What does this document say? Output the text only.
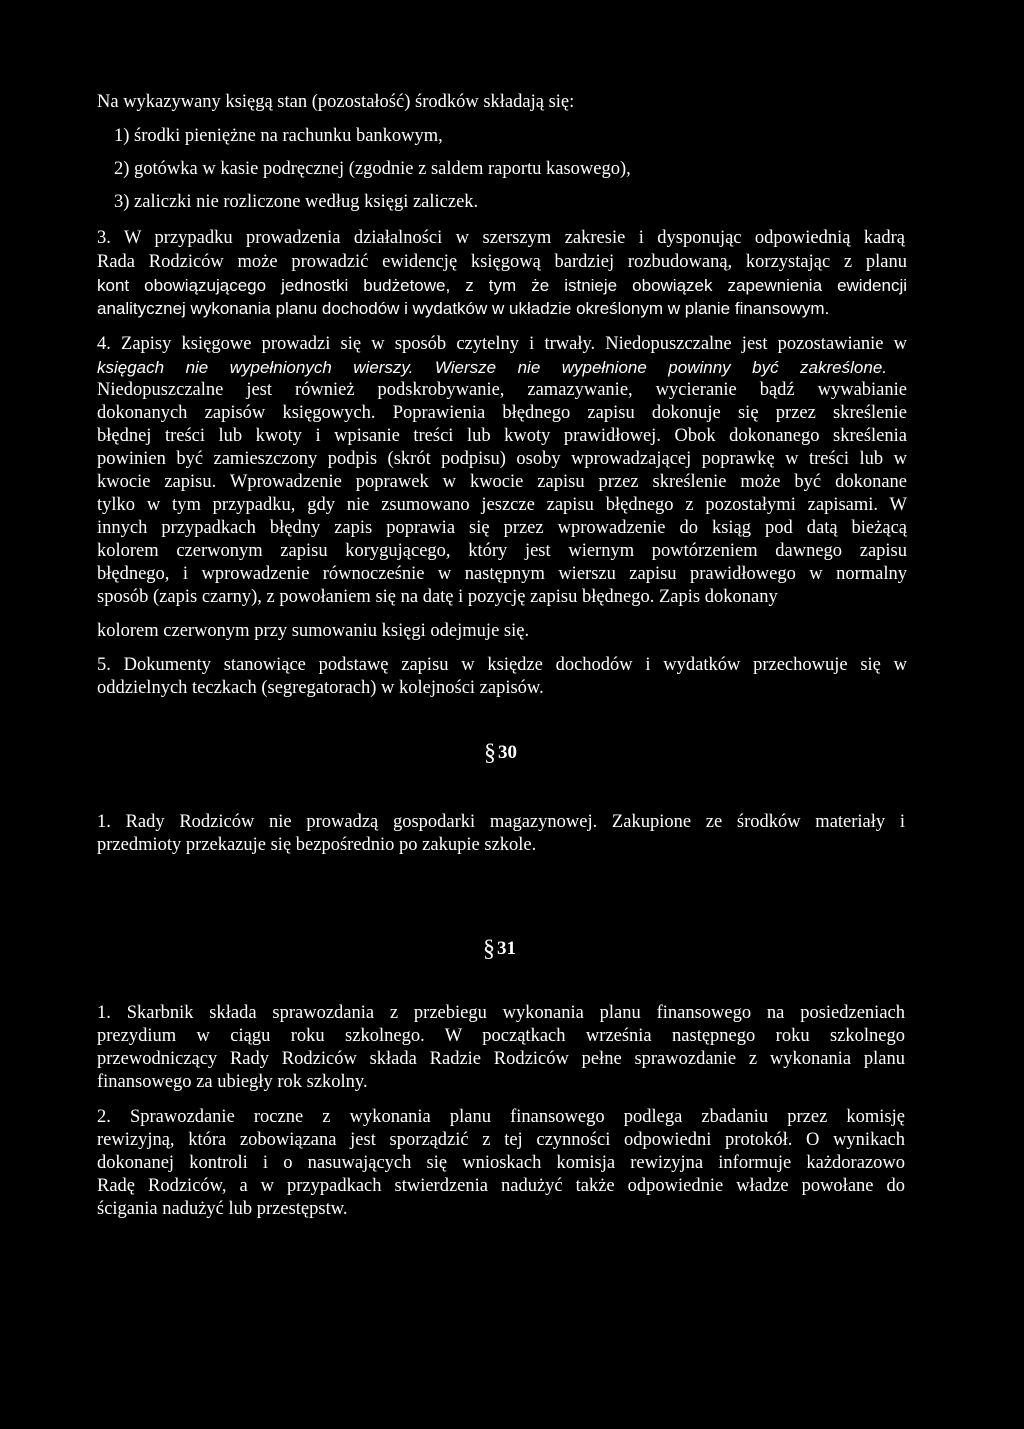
Na wykazywany księgą stan (pozostałość) środków składają się:
1) środki pieniężne na rachunku bankowym,
2) gotówka w kasie podręcznej (zgodnie z saldem raportu kasowego),
3) zaliczki nie rozliczone według księgi zaliczek.
3. W przypadku prowadzenia działalności w szerszym zakresie i dysponując odpowiednią kadrą
Rada Rodziców może prowadzić ewidencję księgową bardziej rozbudowaną, korzystając z planu
kont obowiązującego jednostki budżetowe, z tym że istnieje obowiązek zapewnienia ewidencji
analitycznej wykonania planu dochodów i wydatków w układzie określonym w planie finansowym.
4. Zapisy księgowe prowadzi się w sposób czytelny i trwały. Niedopuszczalne jest pozostawianie w
księgach nie wypełnionych wierszy. Wiersze nie wypełnione powinny być zakreślone.
Niedopuszczalne jest również podskrobywanie, zamazywanie, wycieranie bądź wywabianie
dokonanych zapisów księgowych. Poprawienia błędnego zapisu dokonuje się przez skreślenie
błędnej treści lub kwoty i wpisanie treści lub kwoty prawidłowej. Obok dokonanego skreślenia
powinien być zamieszczony podpis (skrót podpisu) osoby wprowadzającej poprawkę w treści lub w
kwocie zapisu. Wprowadzenie poprawek w kwocie zapisu przez skreślenie może być dokonane
tylko w tym przypadku, gdy nie zsumowano jeszcze zapisu błędnego z pozostałymi zapisami. W
innych przypadkach błędny zapis poprawia się przez wprowadzenie do ksiąg pod datą bieżącą
kolorem czerwonym zapisu korygującego, który jest wiernym powtórzeniem dawnego zapisu
błędnego, i wprowadzenie równocześnie w następnym wierszu zapisu prawidłowego w normalny
sposób (zapis czarny), z powołaniem się na datę i pozycję zapisu błędnego. Zapis dokonany
kolorem czerwonym przy sumowaniu księgi odejmuje się.
5. Dokumenty stanowiące podstawę zapisu w księdze dochodów i wydatków przechowuje się w
oddzielnych teczkach (segregatorach) w kolejności zapisów.
§ 30
1. Rady Rodziców nie prowadzą gospodarki magazynowej. Zakupione ze środków materiały i
przedmioty przekazuje się bezpośrednio po zakupie szkole.
§ 31
1. Skarbnik składa sprawozdania z przebiegu wykonania planu finansowego na posiedzeniach
prezydium w ciągu roku szkolnego. W początkach września następnego roku szkolnego
przewodniczący Rady Rodziców składa Radzie Rodziców pełne sprawozdanie z wykonania planu
finansowego za ubiegły rok szkolny.
2. Sprawozdanie roczne z wykonania planu finansowego podlega zbadaniu przez komisję
rewizyjną, która zobowiązana jest sporządzić z tej czynności odpowiedni protokół. O wynikach
dokonanej kontroli i o nasuwających się wnioskach komisja rewizyjna informuje każdorazowo
Radę Rodziców, a w przypadkach stwierdzenia nadużyć także odpowiednie władze powołane do
ścigania nadużyć lub przestępstw.
